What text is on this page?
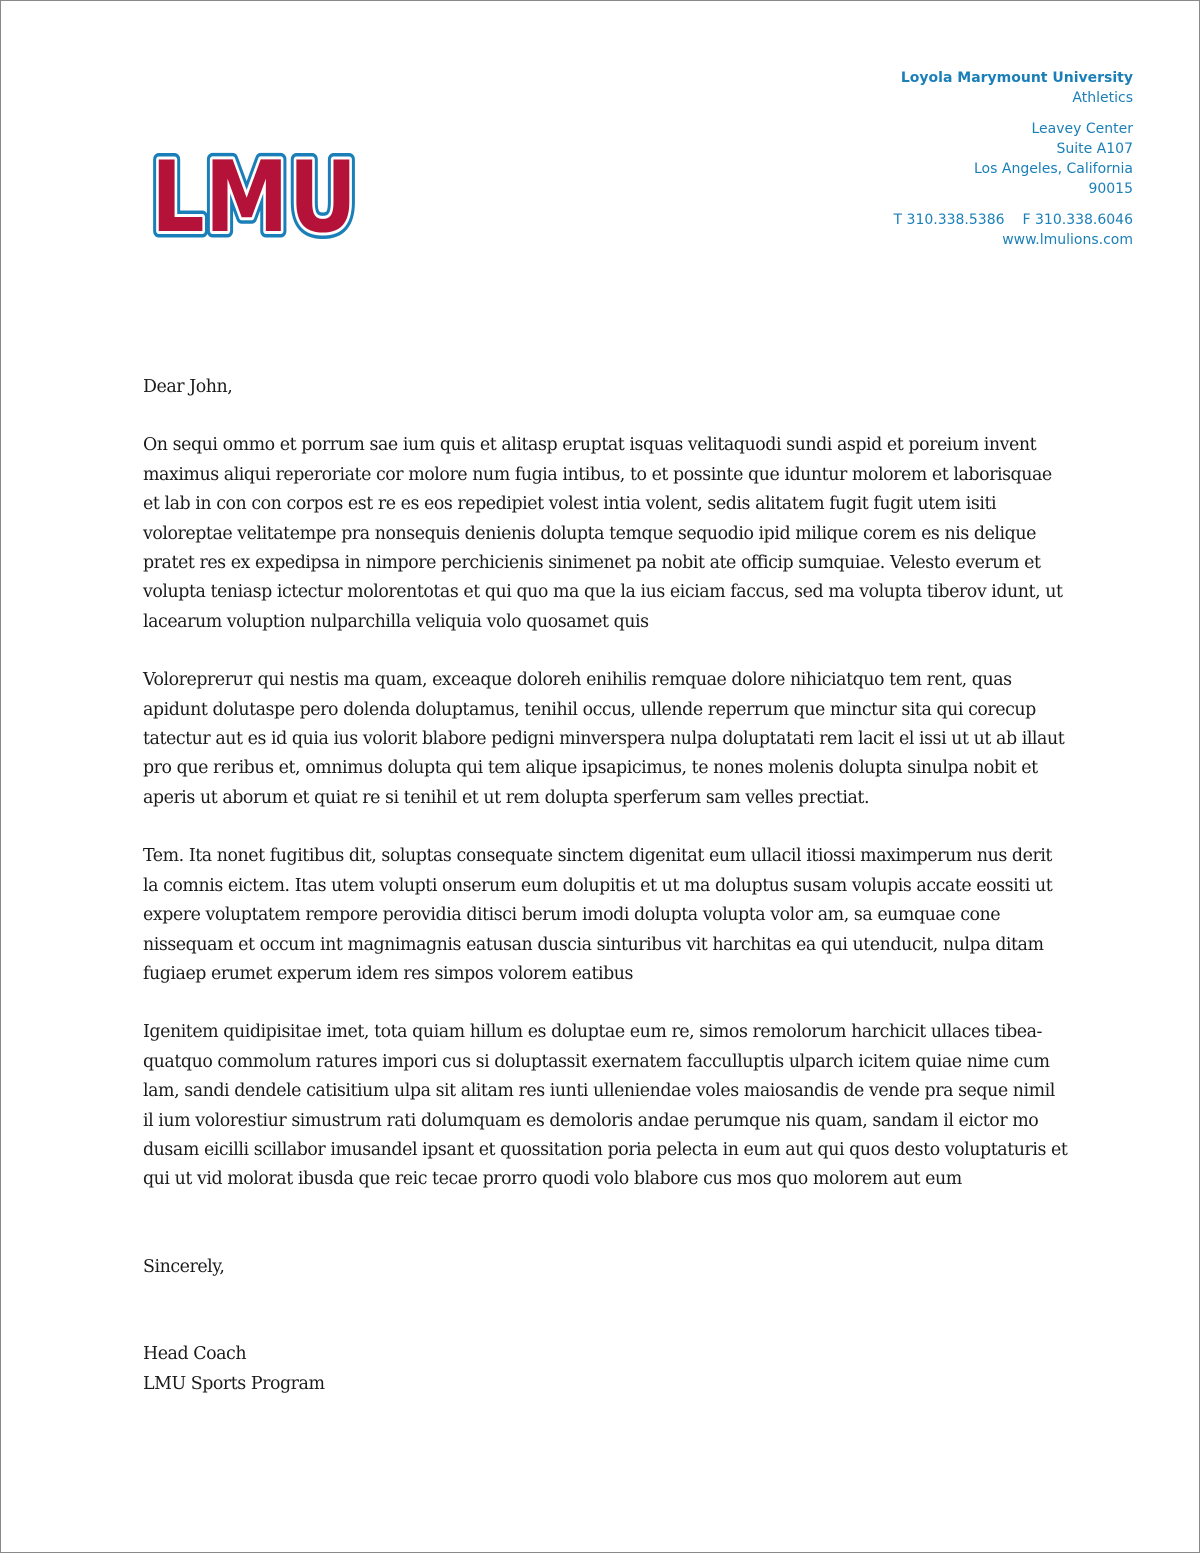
LMU
LMU
LMU
Loyola Marymount University
Athletics
Leavey Center
Suite A107
Los Angeles, California
90015
T 310.338.5386 F 310.338.6046
www.lmulions.com

Dear John,

On sequi ommo et porrum sae ium quis et alitasp eruptat isquas velitaquodi sundi aspid et poreium invent maximus aliqui reperoriate cor molore num fugia intibus, to et possinte que iduntur molorem et laborisquae et lab in con con corpos est re es eos repedipiet volest intia volent, sedis alitatem fugit fugit utem isiti voloreptae velitatempe pra nonsequis denienis dolupta temque sequodio ipid milique corem es nis delique pratet res ex expedipsa in nimpore perchicienis sinimenet pa nobit ate officip sumquiae. Velesto everum et volupta teniasp ictectur molorentotas et qui quo ma que la ius eiciam faccus, sed ma volupta tiberov idunt, ut lacearum voluption nulparchilla veliquia volo quosamet quis

Volorepreruт qui nestis ma quam, exceaque doloreh enihilis remquae dolore nihiciatquo tem rent, quas apidunt dolutaspe pero dolenda doluptamus, tenihil occus, ullende reperrum que minctur sita qui corecup tatectur aut es id quia ius volorit blabore pedigni minverspera nulpa doluptatati rem lacit el issi ut ut ab illaut pro que reribus et, omnimus dolupta qui tem alique ipsapicimus, te nones molenis dolupta sinulpa nobit et aperis ut aborum et quiat re si tenihil et ut rem dolupta sperferum sam velles prectiat.

Tem. Ita nonet fugitibus dit, soluptas consequate sinctem digenitat eum ullacil itiossi maximperum nus derit la comnis eictem. Itas utem volupti onserum eum dolupitis et ut ma doluptus susam volupis accate eossiti ut expere voluptatem rempore perovidia ditisci berum imodi dolupta volupta volor am, sa eumquae cone nissequam et occum int magnimagnis eatusan duscia sinturibus vit harchitas ea qui utenducit, nulpa ditam fugiaep erumet experum idem res simpos volorem eatibus

Igenitem quidipisitae imet, tota quiam hillum es doluptae eum re, simos remolorum harchicit ullaces tibeaquatquo commolum ratures impori cus si doluptassit exernatem facculluptis ulparch icitem quiae nime cum lam, sandi dendele catisitium ulpa sit alitam res iunti ulleniendae voles maiosandis de vende pra seque nimil il ium volorestiur simustrum rati dolumquam es demoloris andae perumque nis quam, sandam il eictor mo dusam eicilli scillabor imusandel ipsant et quossitation poria pelecta in eum aut qui quos desto voluptaturis et qui ut vid molorat ibusda que reic tecae prorro quodi volo blabore cus mos quo molorem aut eum

Sincerely,

Head Coach

LMU Sports Program
